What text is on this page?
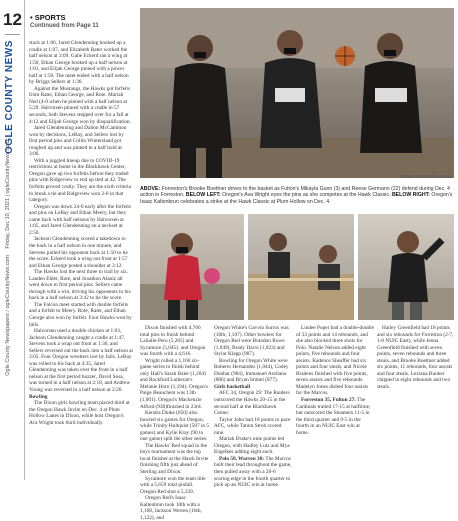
12
OGLE COUNTY NEWS
Friday, Dec 10, 2021 | ogleCountyNews.com
Ogle County Newspapers / ogleCountyNews.com
• SPORTS
Continued from Page 11

stack at 1:06, Jared Glendenning hooked up a cradle at 1:07, and Elizabeth Rater worked the half nelson at 3:09. Gabe Eckerd ran a wing at 1:50, Ethan George hooked up a half nelson at 1:01, and Elijah George pinned with a power half at 1:50. The meet ended with a half nelson by Briggs Sellers at 1:36.

Against the Mustangs, the Hawks got forfeits from Rater, Ethan George, and Rote. Mariah Ned (4-0 when he pinned with a half nelson at 5:29. Halvorsen pinned with a cradle in 57 seconds, Seth Stevens stepped over for a fall at 4:12 and Elijah George won by disqualification.

Jared Glendenning and Dalton McCammon won by decisions, LeBay, and Sellers lost by first period pins and Collin Wintersland got roughed up and was pinned in a half hold at 3:06.

With a juggled lineup due to COVID-19 restrictions at home in the Blackhawk Center, Oregon gave up two forfeits before they traded pins with Ridgeview to end up tied at 42. The forfeits proved costly. They are the sixth criteria to break a tie and Ridgeview won 2-0 in that category.

Oregon was down 24-0 early after the forfeits and pins on LeBay and Ethan Meery, but they came back with half nelsons by Halvorsen at 1:05, and Jared Glendenning on a neckset at 2:50.

Jackson Glendenning scored a takedown to the back in a half nelson in one minute, and Stevens pulled his opponent back at 1:50 to tie the score. Eckerd took a wing out front at 1:57 and Ethan George posted a shoulder at 3:12.

The Hawks lost the next three to trail by six. Landen Elder, Rote, and Jonathon Alaniz all went down to first period pins. Sellers came through with a win, driving his opponents to his back in a half nelson at 3:42 to tie the score.

The Falcon meet started with double forfeits and a forfeit to Meery. Rote, Rater, and Ethan George also won by forfeit. Four Hawks won by falls.

Halvorsen used a double chicken at 1:03, Jackson Glendenning caught a cradle at 1:47, Stevens took a wrap out front at 1:30, and Sellers reversed out the back into a half nelson at 3:05. Four Oregon wrestlers lost by falls. LeBay was rolled to his back at 4:35, Jared Glendenning was taken over the front in a half nelson at the first period buzzer, David Sosa, was turned in a half nelson at 2:18, and Andrew Young was reversed in a half nelson at 2:26.

Bowling

The Dixon girls bowling team placed third at the Oregon Hawk Invite on Dec. 4 at Plum Hollow Lanes in Dixon, while host Oregon's Ava Wright took third individually.

Earleen Hinton/Shaw Media
ABOVE: Forreston's Brooke Boettner drives to the basket as Fulton's Mikayla Gunn (3) and Reese Germann (22) defend during Dec. 4 action in Forreston. BELOW LEFT: Oregon's Ava Wright eyes the pins as she competes at the Hawk Classic. BELOW RIGHT: Oregon's Isaac Kaltenbrun celebrates a strike at the Hawk Classic at Plum Hollow on Dec. 4.

Dixon finished with 4,766 total pins to finish behind LaSalle-Peru (5,265) and Sycamore (5,045). and Oregon was fourth with a 4,616.

Wright rolled a 1,160 six-game series to finish behind only Hall's Sarah Baier (1,204) and Rockford Lutheran's Melanie Horn (1,194). Oregon's Paige Beauchem was 13th (1,001). Oregon's Mackenzie Alford (938)finished in 23rd.

Kendra Dinke (850) also bowled six games for Oregon, while Trinity Hultquist (587 in 5 games) and Kylie Kray (90 in one game) split the other series.

The Hawks' Red squad in the boys tournament was the top local finisher at the Hawk Invite finishing fifth just ahead of Sterling and Dixon.

Sycamore won the team title with a 5,659 total pinfall. Oregon Red shot a 5,339.

Oregon Red's Isaac Kaltenbrun took 10th with a 1,168, Jackson Werren (16th, 1,122), and

Oregon White's Gavvin Surros was (18th, 1,107). Other bowlers for Oregon Red were Brandon Rowe (1,049), Brady Davis (1,023) and Stylar Klapp (987).

Bowling for Oregon White were Roberto Hernandez (1,044), Codey Dunbar (984), Immanuel Arellano (886) and Bryan Immel (877).

Girls basketball

AFC 34, Oregon 29: The Raiders outscored the Hawks 20-15 in the second half at the Blackhawk Center.

Taylor John had 18 points to pace AFC, while Tatum Stroh scored nine.

Mariah Drake's nine points led Oregon, with Hadley Lutz and Mya Engelkes adding eight each.

Polo 58, Warren 30: The Marcos built their lead throughout the game, then pulled away with a 20-6 scoring edge in the fourth quarter to pick up an NUIC win at home.

Lindee Poper had a double-double of 33 points and 14 rebounds, and she also blocked three shots for Polo. Natalie Nelson added eight points, five rebounds and four assists. Kadence Sheaffer had six points and four steals, and Nicole Bradens finished with five points, seven assists and five rebounds. Madelyn Jones dished four assists for the Marcos.

Forreston 35, Fulton 27: The Cardinals trailed 17-15 at halftime, but outscored the Steamers 11-5 in the third quarter and 9-5 in the fourth in an NUIC East win at home.

Hailey Greenfield had 18 points and six rebounds for Forreston (2-7, 1-0 NUIC East), while Jenna Greenfield finished with seven points, seven rebounds and three steals, and Brooke Boettner added six points, 11 rebounds, four assists and four steals. Lexiana Bunker chipped in eight rebounds and two steals.
